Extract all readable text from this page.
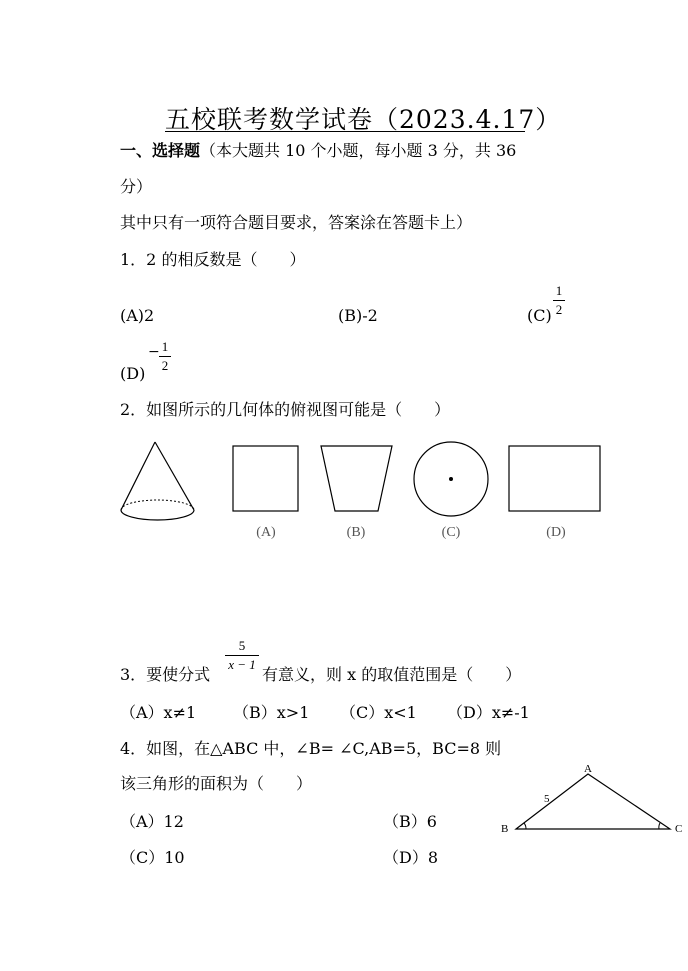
五校联考数学试卷（2023.4.17）
一、选择题（本大题共 10 个小题，每小题 3 分，共 36
分）
其中只有一项符合题目要求，答案涂在答题卡上）
1．2 的相反数是（　　）
(A)2	(B)-2	(C)
1
2
(D)
− 1
2
2．如图所示的几何体的俯视图可能是（　　）
(A)	(B)	(C)	(D)
3．要使分式
5
x − 1
有意义，则 x 的取值范围是（　　）
（A）x≠1 （B）x>1 （C）x<1 （D）x≠-1
4．如图，在△ABC 中，∠B= ∠C,AB=5，BC=8 则
该三角形的面积为（　　）
（A）12	（B）6
（C）10	（D）8
A
B	C
5
